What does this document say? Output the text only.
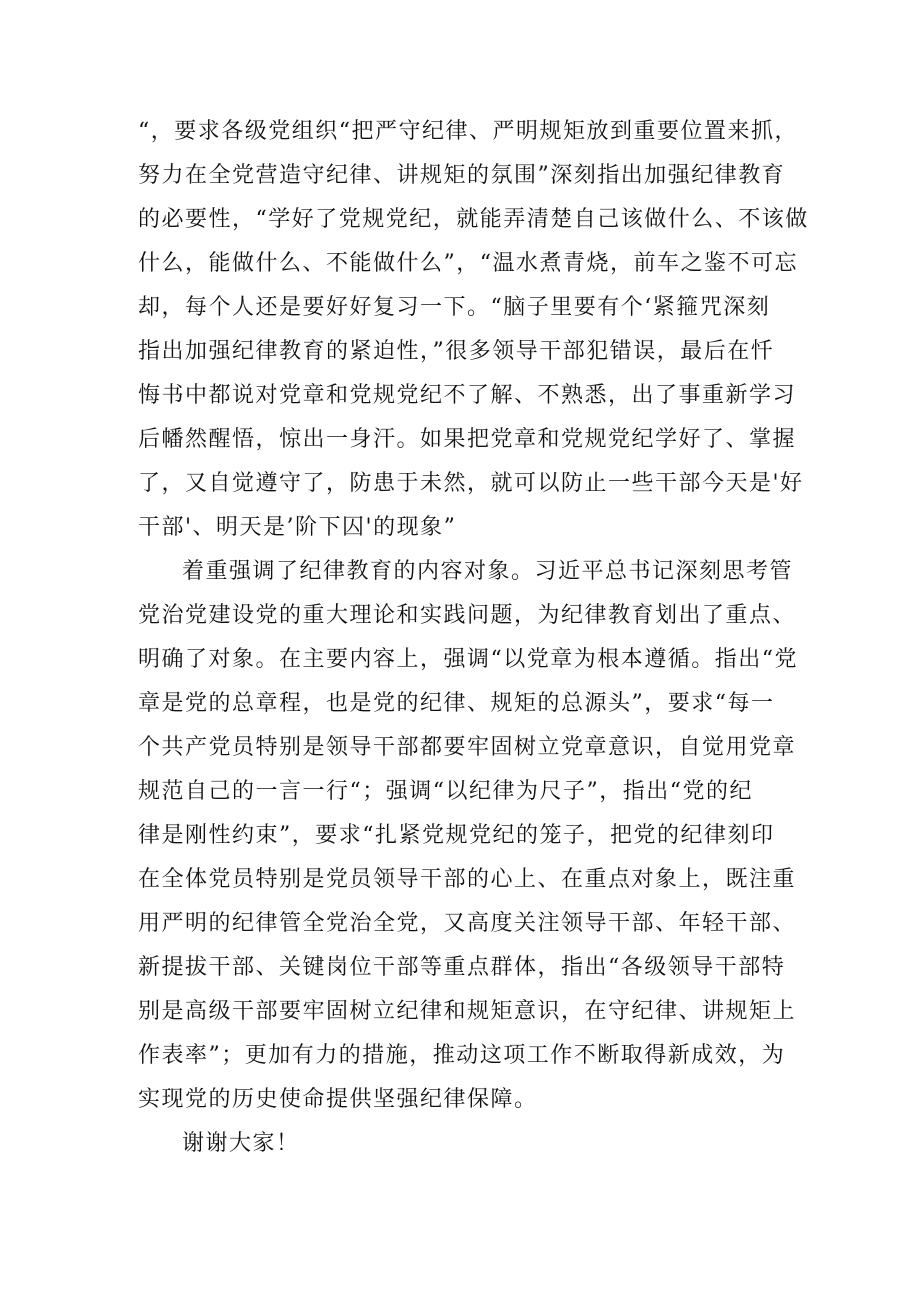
“，要求各级党组织“把严守纪律、严明规矩放到重要位置来抓，
努力在全党营造守纪律、讲规矩的氛围”深刻指出加强纪律教育
的必要性，“学好了党规党纪，就能弄清楚自己该做什么、不该做
什么，能做什么、不能做什么”，“温水煮青烧，前车之鉴不可忘
却，每个人还是要好好复习一下。“脑子里要有个‘紧箍咒深刻
指出加强纪律教育的紧迫性，”很多领导干部犯错误，最后在忏
悔书中都说对党章和党规党纪不了解、不熟悉，出了事重新学习
后幡然醒悟，惊出一身汗。如果把党章和党规党纪学好了、掌握
了，又自觉遵守了，防患于未然，就可以防止一些干部今天是'好
干部'、明天是’阶下囚'的现象”
着重强调了纪律教育的内容对象。习近平总书记深刻思考管
党治党建设党的重大理论和实践问题，为纪律教育划出了重点、
明确了对象。在主要内容上，强调“以党章为根本遵循。指出“党
章是党的总章程，也是党的纪律、规矩的总源头”，要求“每一
个共产党员特别是领导干部都要牢固树立党章意识，自觉用党章
规范自己的一言一行“；强调“以纪律为尺子”，指出“党的纪
律是刚性约束”，要求“扎紧党规党纪的笼子，把党的纪律刻印
在全体党员特别是党员领导干部的心上、在重点对象上，既注重
用严明的纪律管全党治全党，又高度关注领导干部、年轻干部、
新提拔干部、关键岗位干部等重点群体，指出“各级领导干部特
别是高级干部要牢固树立纪律和规矩意识，在守纪律、讲规矩上
作表率”；更加有力的措施，推动这项工作不断取得新成效，为
实现党的历史使命提供坚强纪律保障。
谢谢大家！
